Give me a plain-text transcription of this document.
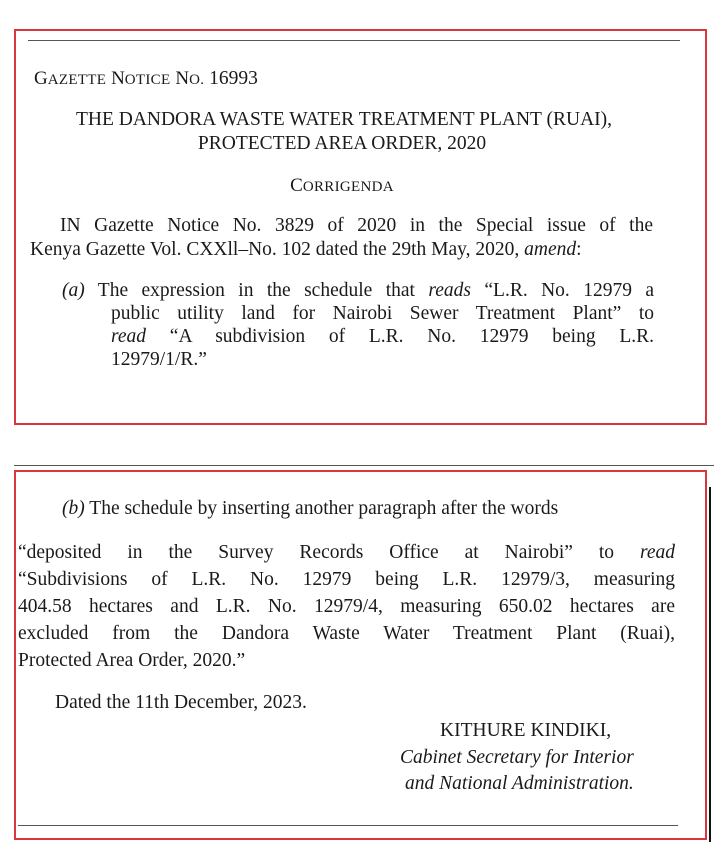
GAZETTE NOTICE NO. 16993
THE DANDORA WASTE WATER TREATMENT PLANT (RUAI),
PROTECTED AREA ORDER, 2020
CORRIGENDA
IN Gazette Notice No. 3829 of 2020 in the Special issue of the
Kenya Gazette Vol. CXXll–No. 102 dated the 29th May, 2020, amend:
(a) The expression in the schedule that reads “L.R. No. 12979 a
public utility land for Nairobi Sewer Treatment Plant” to
read “A subdivision of L.R. No. 12979 being L.R.
12979/1/R.”
(b) The schedule by inserting another paragraph after the words
“deposited in the Survey Records Office at Nairobi” to read
“Subdivisions of L.R. No. 12979 being L.R. 12979/3, measuring
404.58 hectares and L.R. No. 12979/4, measuring 650.02 hectares are
excluded from the Dandora Waste Water Treatment Plant (Ruai),
Protected Area Order, 2020.”
Dated the 11th December, 2023.
KITHURE KINDIKI,
Cabinet Secretary for Interior
and National Administration.
